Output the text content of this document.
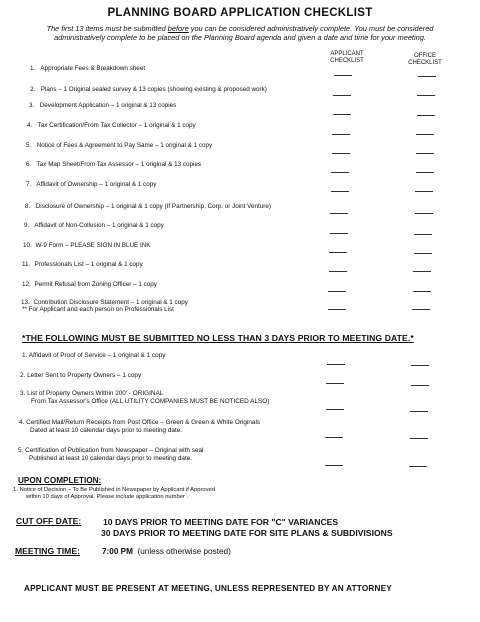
PLANNING BOARD APPLICATION CHECKLIST
The first 13 items must be submitted before you can be considered administratively complete. You must be considered
administratively complete to be placed on the Planning Board agenda and given a date and time for your meeting.
APPLICANT
CHECKLIST
OFFICE
CHECKLIST
1. Appropriate Fees & Breakdown sheet
2. Plans – 1 Original sealed survey & 13 copies (showing existing & proposed work)
3. Development Application – 1 original & 13 copies
4. Tax Certification/From Tax Collector – 1 original & 1 copy
5. Notice of Fees & Agreement to Pay Same – 1 original & 1 copy
6. Tax Map Sheet/From Tax Assessor – 1 original & 13 copies
7. Affidavit of Ownership – 1 original & 1 copy
8. Disclosure of Ownership – 1 original & 1 copy (If Partnership, Corp. or Joint Venture)
9. Affidavit of Non-Collusion – 1 original & 1 copy
10. W-9 Form – PLEASE SIGN IN BLUE INK
11. Professionals List – 1 original & 1 copy
12. Permit Refusal from Zoning Officer – 1 copy
13. Contribution Disclosure Statement – 1 original & 1 copy
** For Applicant and each person on Professionals List
*THE FOLLOWING MUST BE SUBMITTED NO LESS THAN 3 DAYS PRIOR TO MEETING DATE.*
1. Affidavit of Proof of Service – 1 original & 1 copy
2. Letter Sent to Property Owners – 1 copy
3. List of Property Owners Within 200' - ORIGINAL
From Tax Assessor's Office (ALL UTILITY COMPANIES MUST BE NOTICED ALSO)
4. Certified Mail/Return Receipts from Post Office – Green & Green & White Originals
Dated at least 10 calendar days prior to meeting date.
5. Certification of Publication from Newspaper – Original with seal
Published at least 10 calendar days prior to meeting date.
UPON COMPLETION:
1. Notice of Decision – To Be Published in Newspaper by Applicant if Approved
within 10 days of Approval. Please include application number .
CUT OFF DATE:	10 DAYS PRIOR TO MEETING DATE FOR "C" VARIANCES
30 DAYS PRIOR TO MEETING DATE FOR SITE PLANS & SUBDIVISIONS
MEETING TIME:	7:00 PM (unless otherwise posted)
APPLICANT MUST BE PRESENT AT MEETING, UNLESS REPRESENTED BY AN ATTORNEY
